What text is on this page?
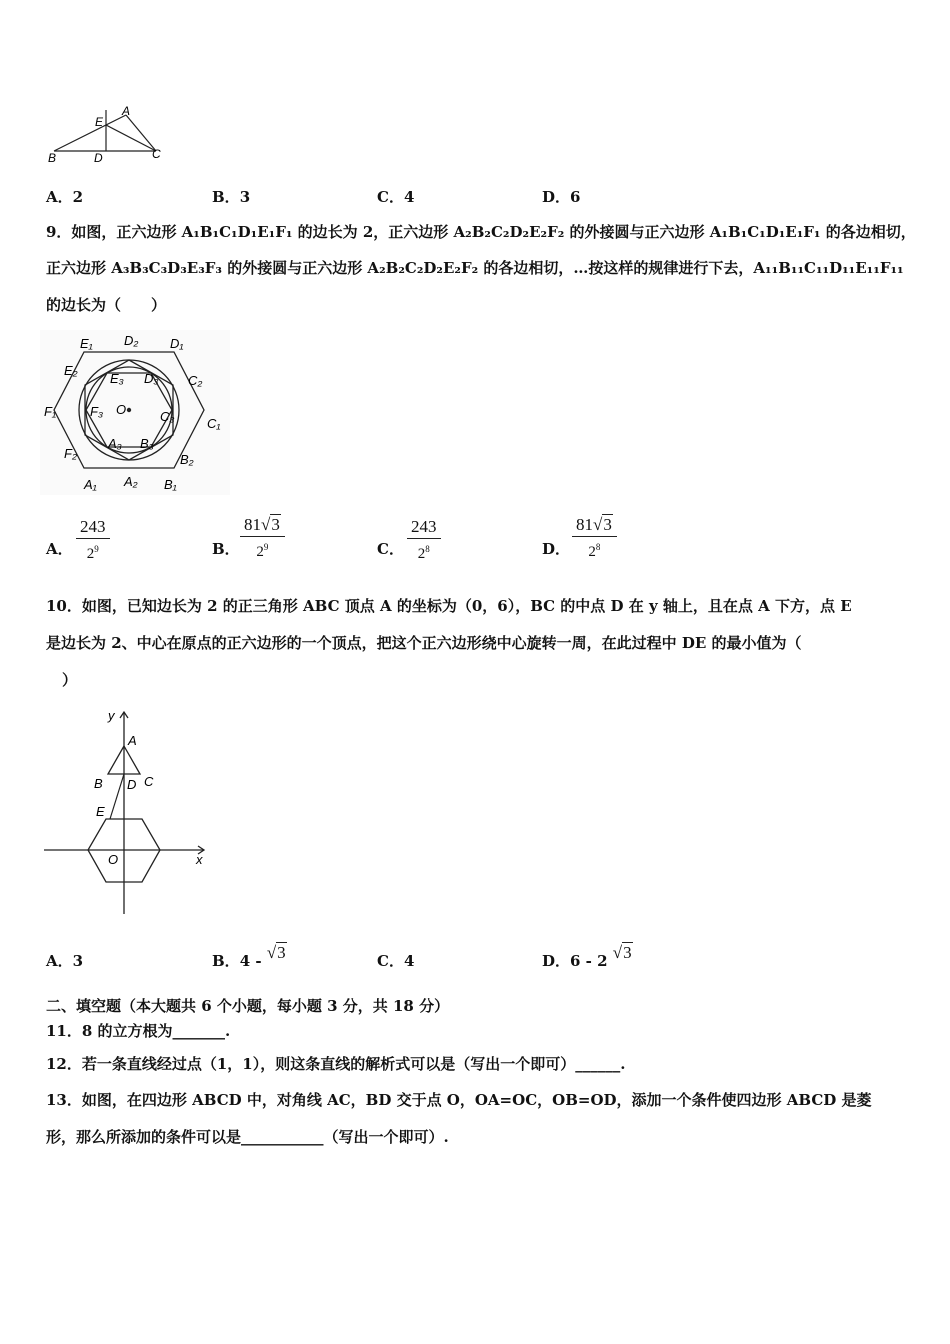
E
A
B	D	C
A．2	B．3	C．4	D．6
9．如图，正六边形 A₁B₁C₁D₁E₁F₁ 的边长为 2，正六边形 A₂B₂C₂D₂E₂F₂ 的外接圆与正六边形 A₁B₁C₁D₁E₁F₁ 的各边相切，
正六边形 A₃B₃C₃D₃E₃F₃ 的外接圆与正六边形 A₂B₂C₂D₂E₂F₂ 的各边相切，…按这样的规律进行下去，A₁₁B₁₁C₁₁D₁₁E₁₁F₁₁
的边长为（　　）
E₁ D₂ D₁
E₂
E₃ D₃ C₂
F₁	F₃ O	C₃ C₁
F₂
A₃ B₃
B₂
A₁ A₂ B₁
A． $\frac{243}{2^9}$	B． $\frac{81√3}{2^9}$	C． $\frac{243}{2^8}$	D． $\frac{81√3}{2^8}$
10．如图，已知边长为 2 的正三角形 ABC 顶点 A 的坐标为（0，6），BC 的中点 D 在 y 轴上，且在点 A 下方，点 E
是边长为 2、中心在原点的正六边形的一个顶点，把这个正六边形绕中心旋转一周，在此过程中 DE 的最小值为（
）
y
A
B	C
D
E
O	x
A．3	B．4 - √3	C．4	D．6 - 2 √3
二、填空题（本大题共 6 个小题，每小题 3 分，共 18 分）
11．8 的立方根为_______.
12．若一条直线经过点（1，1），则这条直线的解析式可以是（写出一个即可）______.
13．如图，在四边形 ABCD 中，对角线 AC，BD 交于点 O，OA=OC，OB=OD，添加一个条件使四边形 ABCD 是菱
形，那么所添加的条件可以是___________（写出一个即可）.
